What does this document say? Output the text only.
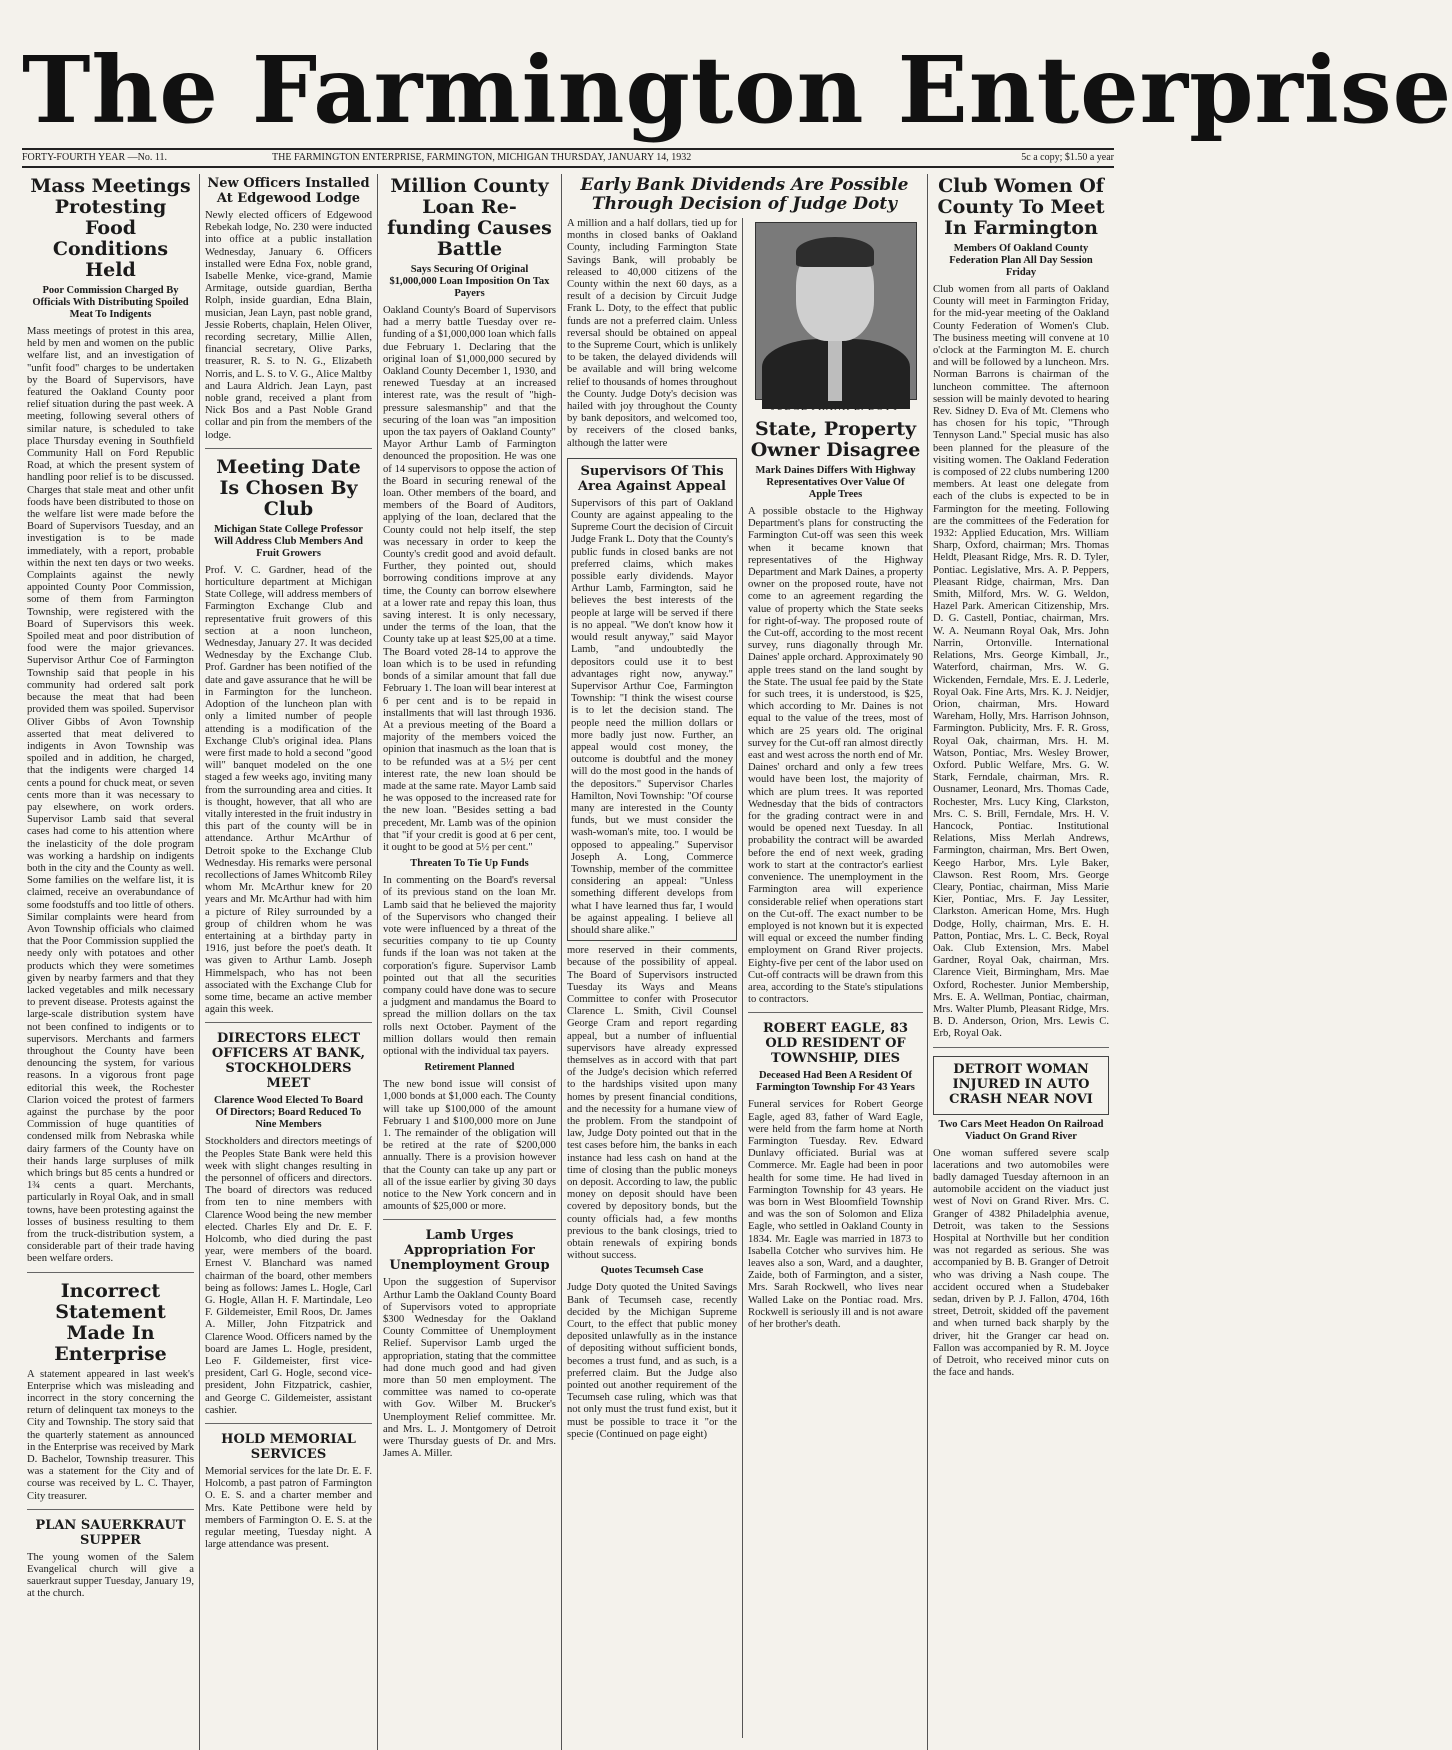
The Farmington Enterprise
FORTY-FOURTH YEAR —No. 11.	THE FARMINGTON ENTERPRISE, FARMINGTON, MICHIGAN THURSDAY, JANUARY 14, 1932	5c a copy; $1.50 a year
Mass Meetings Protesting Food Conditions Held
Poor Commission Charged By Officials With Distributing Spoiled Meat To Indigents
Mass meetings of protest in this area, held by men and women on the public welfare list, and an investigation of "unfit food" charges to be undertaken by the Board of Supervisors, have featured the Oakland County poor relief situation during the past week. A meeting, following several others of similar nature, is scheduled to take place Thursday evening in Southfield Community Hall on Ford Republic Road, at which the present system of handling poor relief is to be discussed. Charges that stale meat and other unfit foods have been distributed to those on the welfare list were made before the Board of Supervisors Tuesday, and an investigation is to be made immediately, with a report, probable within the next ten days or two weeks. Complaints against the newly appointed County Poor Commission, some of them from Farmington Township, were registered with the Board of Supervisors this week. Spoiled meat and poor distribution of food were the major grievances. Supervisor Arthur Coe of Farmington Township said that people in his community had ordered salt pork because the meat that had been provided them was spoiled. Supervisor Oliver Gibbs of Avon Township asserted that meat delivered to indigents in Avon Township was spoiled and in addition, he charged, that the indigents were charged 14 cents a pound for chuck meat, or seven cents more than it was necessary to pay elsewhere, on work orders. Supervisor Lamb said that several cases had come to his attention where the inelasticity of the dole program was working a hardship on indigents both in the city and the County as well. Some families on the welfare list, it is claimed, receive an overabundance of some foodstuffs and too little of others. Similar complaints were heard from Avon Township officials who claimed that the Poor Commission supplied the needy only with potatoes and other products which they were sometimes given by nearby farmers and that they lacked vegetables and milk necessary to prevent disease. Protests against the large-scale distribution system have not been confined to indigents or to supervisors. Merchants and farmers throughout the County have been denouncing the system, for various reasons. In a vigorous front page editorial this week, the Rochester Clarion voiced the protest of farmers against the purchase by the poor Commission of huge quantities of condensed milk from Nebraska while dairy farmers of the County have on their hands large surpluses of milk which brings but 85 cents a hundred or 1¾ cents a quart. Merchants, particularly in Royal Oak, and in small towns, have been protesting against the losses of business resulting to them from the truck-distribution system, a considerable part of their trade having been welfare orders.
Incorrect Statement Made In Enterprise
A statement appeared in last week's Enterprise which was misleading and incorrect in the story concerning the return of delinquent tax moneys to the City and Township. The story said that the quarterly statement as announced in the Enterprise was received by Mark D. Bachelor, Township treasurer. This was a statement for the City and of course was received by L. C. Thayer, City treasurer.
PLAN SAUERKRAUT SUPPER
The young women of the Salem Evangelical church will give a sauerkraut supper Tuesday, January 19, at the church.
New Officers Installed At Edgewood Lodge
Newly elected officers of Edgewood Rebekah lodge, No. 230 were inducted into office at a public installation Wednesday, January 6. Officers installed were Edna Fox, noble grand, Isabelle Menke, vice-grand, Mamie Armitage, outside guardian, Bertha Rolph, inside guardian, Edna Blain, musician, Jean Layn, past noble grand, Jessie Roberts, chaplain, Helen Oliver, recording secretary, Millie Allen, financial secretary, Olive Parks, treasurer, R. S. to N. G., Elizabeth Norris, and L. S. to V. G., Alice Maltby and Laura Aldrich. Jean Layn, past noble grand, received a plant from Nick Bos and a Past Noble Grand collar and pin from the members of the lodge.
Meeting Date Is Chosen By Club
Michigan State College Professor Will Address Club Members And Fruit Growers
Prof. V. C. Gardner, head of the horticulture department at Michigan State College, will address members of Farmington Exchange Club and representative fruit growers of this section at a noon luncheon, Wednesday, January 27. It was decided Wednesday by the Exchange Club. Prof. Gardner has been notified of the date and gave assurance that he will be in Farmington for the luncheon. Adoption of the luncheon plan with only a limited number of people attending is a modification of the Exchange Club's original idea. Plans were first made to hold a second "good will" banquet modeled on the one staged a few weeks ago, inviting many from the surrounding area and cities. It is thought, however, that all who are vitally interested in the fruit industry in this part of the county will be in attendance. Arthur McArthur of Detroit spoke to the Exchange Club Wednesday. His remarks were personal recollections of James Whitcomb Riley whom Mr. McArthur knew for 20 years and Mr. McArthur had with him a picture of Riley surrounded by a group of children whom he was entertaining at a birthday party in 1916, just before the poet's death. It was given to Arthur Lamb. Joseph Himmelspach, who has not been associated with the Exchange Club for some time, became an active member again this week.
DIRECTORS ELECT OFFICERS AT BANK, STOCKHOLDERS MEET
Clarence Wood Elected To Board Of Directors; Board Reduced To Nine Members
Stockholders and directors meetings of the Peoples State Bank were held this week with slight changes resulting in the personnel of officers and directors. The board of directors was reduced from ten to nine members with Clarence Wood being the new member elected. Charles Ely and Dr. E. F. Holcomb, who died during the past year, were members of the board. Ernest V. Blanchard was named chairman of the board, other members being as follows: James L. Hogle, Carl G. Hogle, Allan H. F. Martindale, Leo F. Gildemeister, Emil Roos, Dr. James A. Miller, John Fitzpatrick and Clarence Wood. Officers named by the board are James L. Hogle, president, Leo F. Gildemeister, first vice-president, Carl G. Hogle, second vice-president, John Fitzpatrick, cashier, and George C. Gildemeister, assistant cashier.
HOLD MEMORIAL SERVICES
Memorial services for the late Dr. E. F. Holcomb, a past patron of Farmington O. E. S. and a charter member and Mrs. Kate Pettibone were held by members of Farmington O. E. S. at the regular meeting, Tuesday night. A large attendance was present.
Million County Loan Re-funding Causes Battle
Says Securing Of Original $1,000,000 Loan Imposition On Tax Payers
Oakland County's Board of Supervisors had a merry battle Tuesday over re-funding of a $1,000,000 loan which falls due February 1. Declaring that the original loan of $1,000,000 secured by Oakland County December 1, 1930, and renewed Tuesday at an increased interest rate, was the result of "high-pressure salesmanship" and that the securing of the loan was "an imposition upon the tax payers of Oakland County" Mayor Arthur Lamb of Farmington denounced the proposition. He was one of 14 supervisors to oppose the action of the Board in securing renewal of the loan. Other members of the board, and members of the Board of Auditors, applying of the loan, declared that the County could not help itself, the step was necessary in order to keep the County's credit good and avoid default. Further, they pointed out, should borrowing conditions improve at any time, the County can borrow elsewhere at a lower rate and repay this loan, thus saving interest. It is only necessary, under the terms of the loan, that the County take up at least $25,00 at a time. The Board voted 28-14 to approve the loan which is to be used in refunding bonds of a similar amount that fall due February 1. The loan will bear interest at 6 per cent and is to be repaid in installments that will last through 1936. At a previous meeting of the Board a majority of the members voiced the opinion that inasmuch as the loan that is to be refunded was at a 5½ per cent interest rate, the new loan should be made at the same rate. Mayor Lamb said he was opposed to the increased rate for the new loan. "Besides setting a bad precedent, Mr. Lamb was of the opinion that "if your credit is good at 6 per cent, it ought to be good at 5½ per cent."
Threaten To Tie Up Funds
In commenting on the Board's reversal of its previous stand on the loan Mr. Lamb said that he believed the majority of the Supervisors who changed their vote were influenced by a threat of the securities company to tie up County funds if the loan was not taken at the corporation's figure. Supervisor Lamb pointed out that all the securities company could have done was to secure a judgment and mandamus the Board to spread the million dollars on the tax rolls next October. Payment of the million dollars would then remain optional with the individual tax payers.
Retirement Planned
The new bond issue will consist of 1,000 bonds at $1,000 each. The County will take up $100,000 of the amount February 1 and $100,000 more on June 1. The remainder of the obligation will be retired at the rate of $200,000 annually. There is a provision however that the County can take up any part or all of the issue earlier by giving 30 days notice to the New York concern and in amounts of $25,000 or more.
Lamb Urges Appropriation For Unemployment Group
Upon the suggestion of Supervisor Arthur Lamb the Oakland County Board of Supervisors voted to appropriate $300 Wednesday for the Oakland County Committee of Unemployment Relief. Supervisor Lamb urged the appropriation, stating that the committee had done much good and had given more than 50 men employment. The committee was named to co-operate with Gov. Wilber M. Brucker's Unemployment Relief committee. Mr. and Mrs. L. J. Montgomery of Detroit were Thursday guests of Dr. and Mrs. James A. Miller.
Early Bank Dividends Are Possible Through Decision of Judge Doty
A million and a half dollars, tied up for months in closed banks of Oakland County, including Farmington State Savings Bank, will probably be released to 40,000 citizens of the County within the next 60 days, as a result of a decision by Circuit Judge Frank L. Doty, to the effect that public funds are not a preferred claim. Unless reversal should be obtained on appeal to the Supreme Court, which is unlikely to be taken, the delayed dividends will be available and will bring welcome relief to thousands of homes throughout the County. Judge Doty's decision was hailed with joy throughout the County by bank depositors, and welcomed too, by receivers of the closed banks, although the latter were
Supervisors Of This Area Against Appeal
Supervisors of this part of Oakland County are against appealing to the Supreme Court the decision of Circuit Judge Frank L. Doty that the County's public funds in closed banks are not preferred claims, which makes possible early dividends. Mayor Arthur Lamb, Farmington, said he believes the best interests of the people at large will be served if there is no appeal. "We don't know how it would result anyway," said Mayor Lamb, "and undoubtedly the depositors could use it to best advantages right now, anyway." Supervisor Arthur Coe, Farmington Township: "I think the wisest course is to let the decision stand. The people need the million dollars or more badly just now. Further, an appeal would cost money, the outcome is doubtful and the money will do the most good in the hands of the depositors." Supervisor Charles Hamilton, Novi Township: "Of course many are interested in the County funds, but we must consider the wash-woman's mite, too. I would be opposed to appealing." Supervisor Joseph A. Long, Commerce Township, member of the committee considering an appeal: "Unless something different develops from what I have learned thus far, I would be against appealing. I believe all should share alike."
more reserved in their comments, because of the possibility of appeal. The Board of Supervisors instructed Tuesday its Ways and Means Committee to confer with Prosecutor Clarence L. Smith, Civil Counsel George Cram and report regarding appeal, but a number of influential supervisors have already expressed themselves as in accord with that part of the Judge's decision which referred to the hardships visited upon many homes by present financial conditions, and the necessity for a humane view of the problem. From the standpoint of law, Judge Doty pointed out that in the test cases before him, the banks in each instance had less cash on hand at the time of closing than the public moneys on deposit. According to law, the public money on deposit should have been covered by depository bonds, but the county officials had, a few months previous to the bank closings, tried to obtain renewals of expiring bonds without success.
Quotes Tecumseh Case
Judge Doty quoted the United Savings Bank of Tecumseh case, recently decided by the Michigan Supreme Court, to the effect that public money deposited unlawfully as in the instance of depositing without sufficient bonds, becomes a trust fund, and as such, is a preferred claim. But the Judge also pointed out another requirement of the Tecumseh case ruling, which was that not only must the trust fund exist, but it must be possible to trace it "or the specie (Continued on page eight)
State, Property Owner Disagree
Mark Daines Differs With Highway Representatives Over Value Of Apple Trees
A possible obstacle to the Highway Department's plans for constructing the Farmington Cut-off was seen this week when it became known that representatives of the Highway Department and Mark Daines, a property owner on the proposed route, have not come to an agreement regarding the value of property which the State seeks for right-of-way. The proposed route of the Cut-off, according to the most recent survey, runs diagonally through Mr. Daines' apple orchard. Approximately 90 apple trees stand on the land sought by the State. The usual fee paid by the State for such trees, it is understood, is $25, which according to Mr. Daines is not equal to the value of the trees, most of which are 25 years old. The original survey for the Cut-off ran almost directly east and west across the north end of Mr. Daines' orchard and only a few trees would have been lost, the majority of which are plum trees. It was reported Wednesday that the bids of contractors for the grading contract were in and would be opened next Tuesday. In all probability the contract will be awarded before the end of next week, grading work to start at the contractor's earliest convenience. The unemployment in the Farmington area will experience considerable relief when operations start on the Cut-off. The exact number to be employed is not known but it is expected will equal or exceed the number finding employment on Grand River projects. Eighty-five per cent of the labor used on Cut-off contracts will be drawn from this area, according to the State's stipulations to contractors.
ROBERT EAGLE, 83 OLD RESIDENT OF TOWNSHIP, DIES
Deceased Had Been A Resident Of Farmington Township For 43 Years
Funeral services for Robert George Eagle, aged 83, father of Ward Eagle, were held from the farm home at North Farmington Tuesday. Rev. Edward Dunlavy officiated. Burial was at Commerce. Mr. Eagle had been in poor health for some time. He had lived in Farmington Township for 43 years. He was born in West Bloomfield Township and was the son of Solomon and Eliza Eagle, who settled in Oakland County in 1834. Mr. Eagle was married in 1873 to Isabella Cotcher who survives him. He leaves also a son, Ward, and a daughter, Zaide, both of Farmington, and a sister, Mrs. Sarah Rockwell, who lives near Walled Lake on the Pontiac road. Mrs. Rockwell is seriously ill and is not aware of her brother's death.
Club Women Of County To Meet In Farmington
Members Of Oakland County Federation Plan All Day Session Friday
Club women from all parts of Oakland County will meet in Farmington Friday, for the mid-year meeting of the Oakland County Federation of Women's Club. The business meeting will convene at 10 o'clock at the Farmington M. E. church and will be followed by a luncheon. Mrs. Norman Barrons is chairman of the luncheon committee. The afternoon session will be mainly devoted to hearing Rev. Sidney D. Eva of Mt. Clemens who has chosen for his topic, "Through Tennyson Land." Special music has also been planned for the pleasure of the visiting women. The Oakland Federation is composed of 22 clubs numbering 1200 members. At least one delegate from each of the clubs is expected to be in Farmington for the meeting. Following are the committees of the Federation for 1932: Applied Education, Mrs. William Sharp, Oxford, chairman; Mrs. Thomas Heldt, Pleasant Ridge, Mrs. R. D. Tyler, Pontiac. Legislative, Mrs. A. P. Peppers, Pleasant Ridge, chairman, Mrs. Dan Smith, Milford, Mrs. W. G. Weldon, Hazel Park. American Citizenship, Mrs. D. G. Castell, Pontiac, chairman, Mrs. W. A. Neumann Royal Oak, Mrs. John Narrin, Ortonville. International Relations, Mrs. George Kimball, Jr., Waterford, chairman, Mrs. W. G. Wickenden, Ferndale, Mrs. E. J. Lederle, Royal Oak. Fine Arts, Mrs. K. J. Neidjer, Orion, chairman, Mrs. Howard Wareham, Holly, Mrs. Harrison Johnson, Farmington. Publicity, Mrs. F. R. Gross, Royal Oak, chairman, Mrs. H. M. Watson, Pontiac, Mrs. Wesley Brower, Oxford. Public Welfare, Mrs. G. W. Stark, Ferndale, chairman, Mrs. R. Ousnamer, Leonard, Mrs. Thomas Cade, Rochester, Mrs. Lucy King, Clarkston, Mrs. C. S. Brill, Ferndale, Mrs. H. V. Hancock, Pontiac. Institutional Relations, Miss Merlah Andrews, Farmington, chairman, Mrs. Bert Owen, Keego Harbor, Mrs. Lyle Baker, Clawson. Rest Room, Mrs. George Cleary, Pontiac, chairman, Miss Marie Kier, Pontiac, Mrs. F. Jay Lessiter, Clarkston. American Home, Mrs. Hugh Dodge, Holly, chairman, Mrs. E. H. Patton, Pontiac, Mrs. L. C. Beck, Royal Oak. Club Extension, Mrs. Mabel Gardner, Royal Oak, chairman, Mrs. Clarence Vieit, Birmingham, Mrs. Mae Oxford, Rochester. Junior Membership, Mrs. E. A. Wellman, Pontiac, chairman, Mrs. Walter Plumb, Pleasant Ridge, Mrs. B. D. Anderson, Orion, Mrs. Lewis C. Erb, Royal Oak.
DETROIT WOMAN INJURED IN AUTO CRASH NEAR NOVI
Two Cars Meet Headon On Railroad Viaduct On Grand River
One woman suffered severe scalp lacerations and two automobiles were badly damaged Tuesday afternoon in an automobile accident on the viaduct just west of Novi on Grand River. Mrs. C. Granger of 4382 Philadelphia avenue, Detroit, was taken to the Sessions Hospital at Northville but her condition was not regarded as serious. She was accompanied by B. B. Granger of Detroit who was driving a Nash coupe. The accident occured when a Studebaker sedan, driven by P. J. Fallon, 4704, 16th street, Detroit, skidded off the pavement and when turned back sharply by the driver, hit the Granger car head on. Fallon was accompanied by R. M. Joyce of Detroit, who received minor cuts on the face and hands.
